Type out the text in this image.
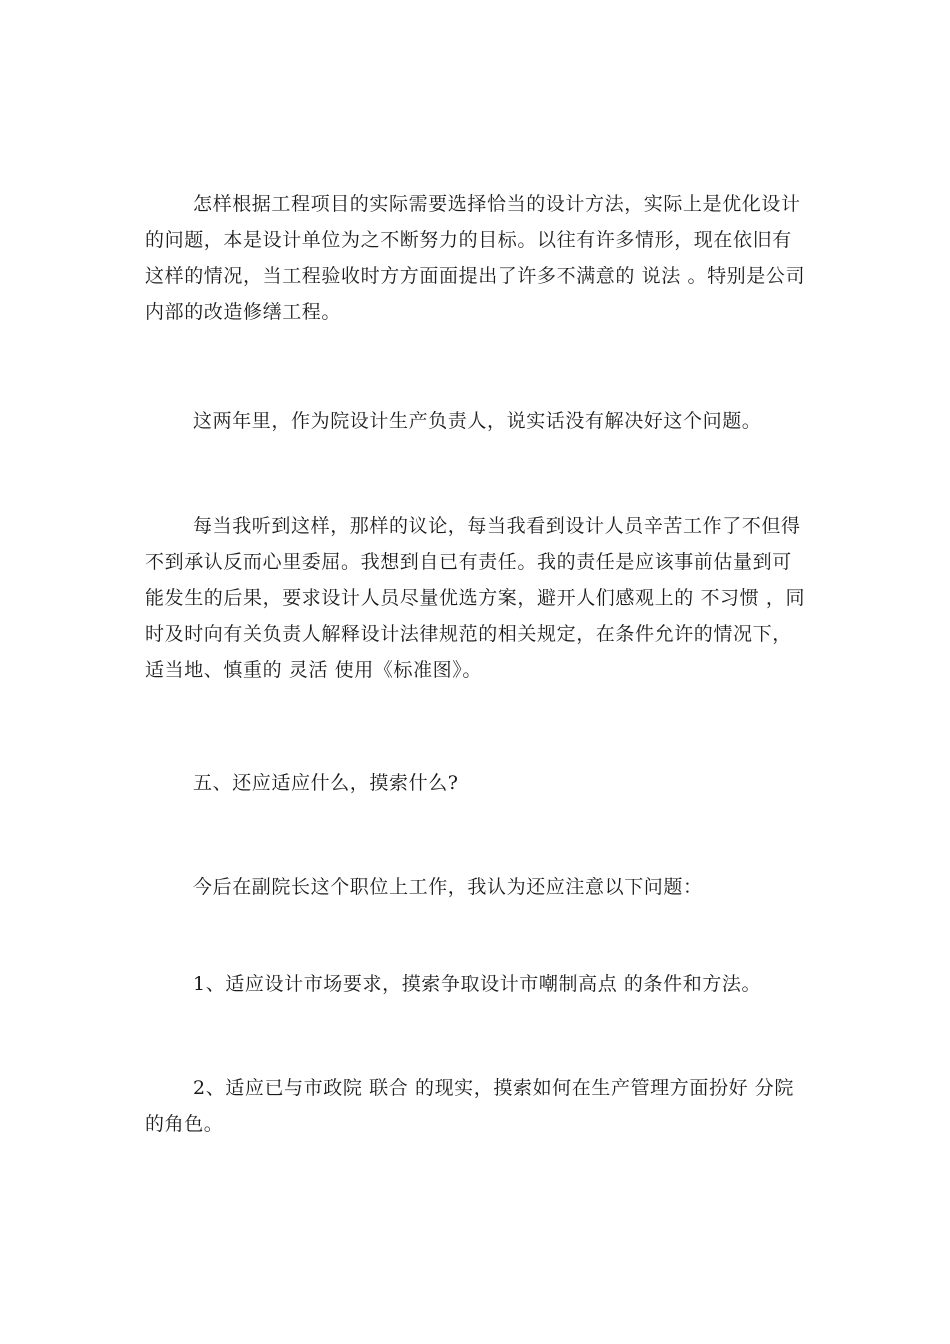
怎样根据工程项目的实际需要选择恰当的设计方法，实际上是优化设计的问题，本是设计单位为之不断努力的目标。以往有许多情形，现在依旧有这样的情况，当工程验收时方方面面提出了许多不满意的 说法 。特别是公司内部的改造修缮工程。

这两年里，作为院设计生产负责人，说实话没有解决好这个问题。

每当我听到这样，那样的议论，每当我看到设计人员辛苦工作了不但得不到承认反而心里委屈。我想到自已有责任。我的责任是应该事前估量到可能发生的后果，要求设计人员尽量优选方案，避开人们感观上的 不习惯 ，同时及时向有关负责人解释设计法律规范的相关规定，在条件允许的情况下，适当地、慎重的 灵活 使用《标准图》。

五、还应适应什么，摸索什么?

今后在副院长这个职位上工作，我认为还应注意以下问题：

1、适应设计市场要求，摸索争取设计市嘲制高点 的条件和方法。

2、适应已与市政院 联合 的现实，摸索如何在生产管理方面扮好 分院的角色。
